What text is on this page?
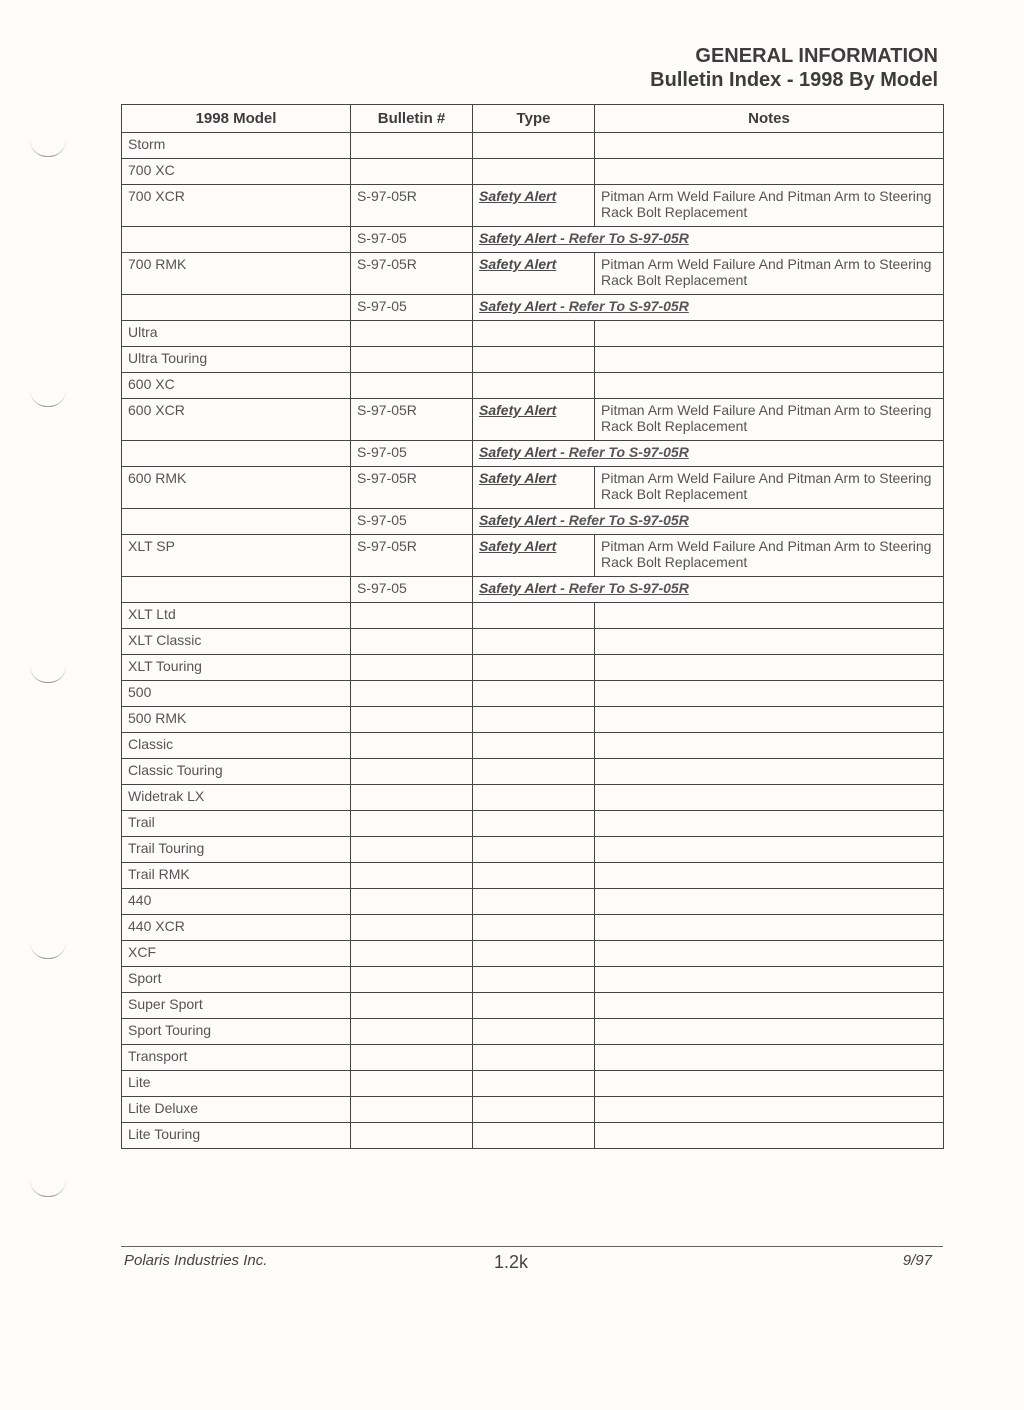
GENERAL INFORMATION
Bulletin Index - 1998 By Model
1998 Model	Bulletin #	Type	Notes
Storm			
700 XC			
700 XCR	S-97-05R	Safety Alert	Pitman Arm Weld Failure And Pitman Arm to Steering Rack Bolt Replacement
	S-97-05	Safety Alert - Refer To S-97-05R	
700 RMK	S-97-05R	Safety Alert	Pitman Arm Weld Failure And Pitman Arm to Steering Rack Bolt Replacement
	S-97-05	Safety Alert - Refer To S-97-05R	
Ultra			
Ultra Touring			
600 XC			
600 XCR	S-97-05R	Safety Alert	Pitman Arm Weld Failure And Pitman Arm to Steering Rack Bolt Replacement
	S-97-05	Safety Alert - Refer To S-97-05R	
600 RMK	S-97-05R	Safety Alert	Pitman Arm Weld Failure And Pitman Arm to Steering Rack Bolt Replacement
	S-97-05	Safety Alert - Refer To S-97-05R	
XLT SP	S-97-05R	Safety Alert	Pitman Arm Weld Failure And Pitman Arm to Steering Rack Bolt Replacement
	S-97-05	Safety Alert - Refer To S-97-05R	
XLT Ltd			
XLT Classic			
XLT Touring			
500			
500 RMK			
Classic			
Classic Touring			
Widetrak LX			
Trail			
Trail Touring			
Trail RMK			
440			
440 XCR			
XCF			
Sport			
Super Sport			
Sport Touring			
Transport			
Lite			
Lite Deluxe			
Lite Touring			
Polaris Industries Inc.	1.2k	9/97
